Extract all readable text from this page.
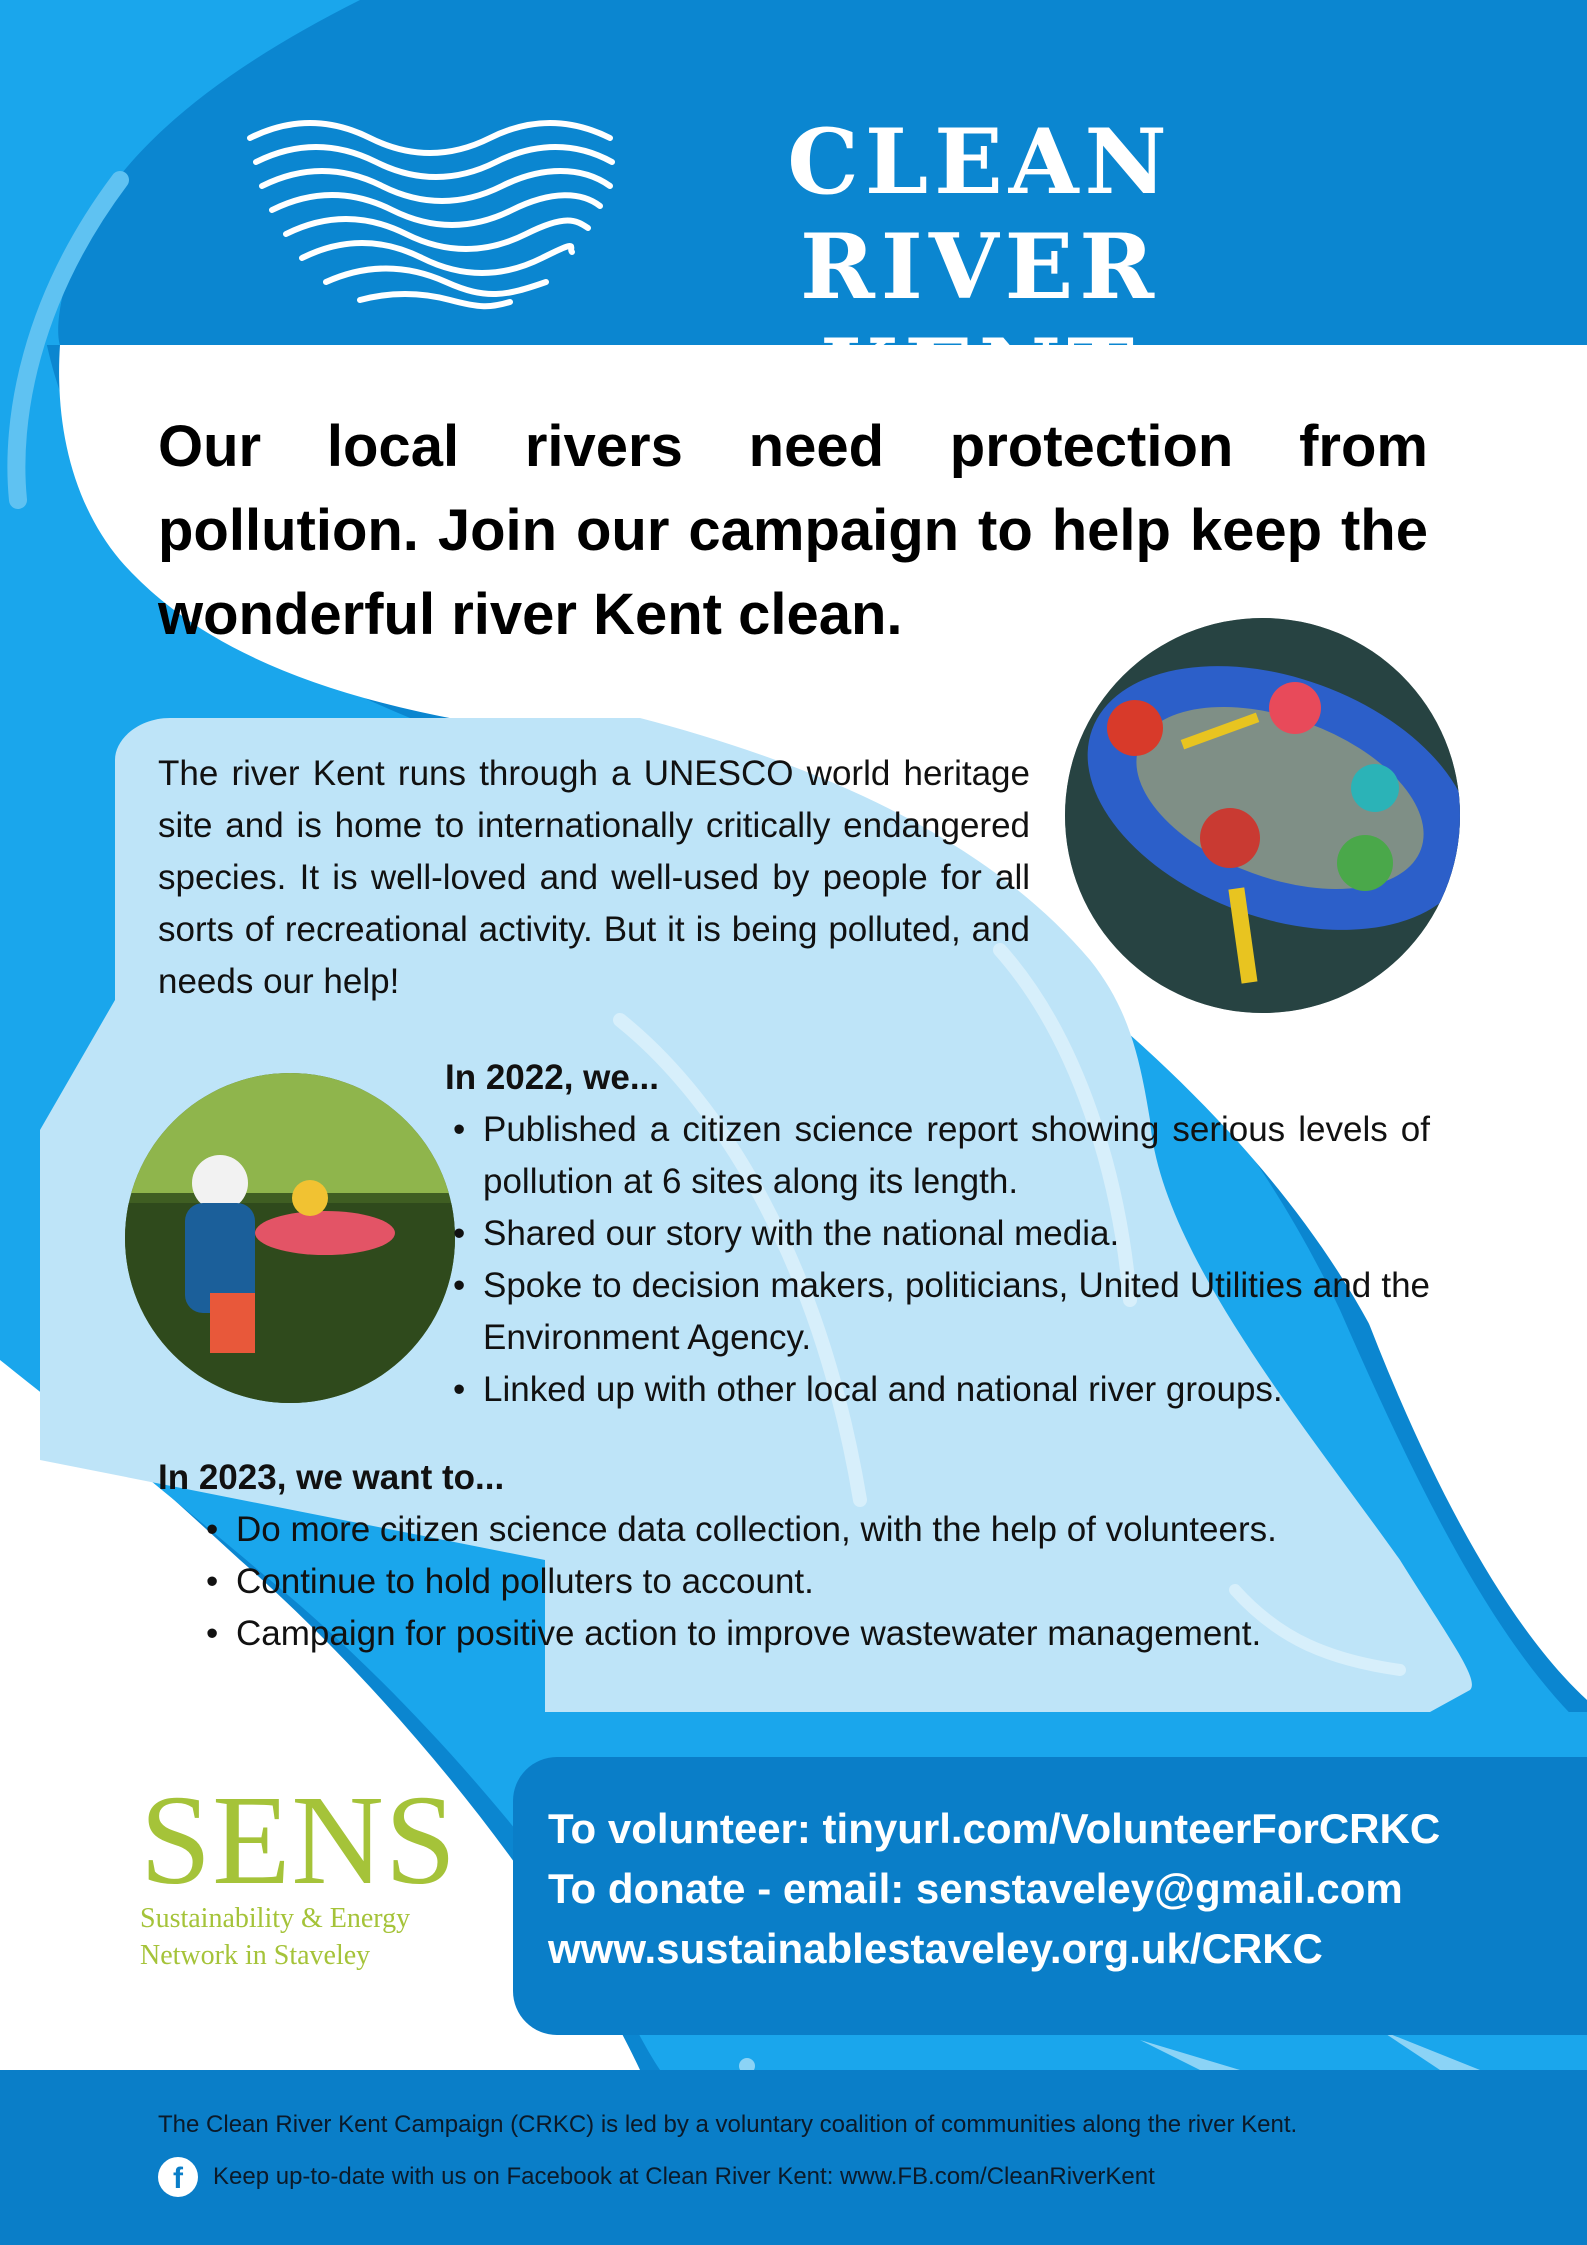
CLEAN RIVER
KENT
Our local rivers need protection from pollution. Join our campaign to help keep the wonderful river Kent clean.
The river Kent runs through a UNESCO world heritage site and is home to internationally critically endangered species. It is well-loved and well-used by people for all sorts of recreational activity. But it is being polluted, and needs our help!
In 2022, we...
• Published a citizen science report showing serious levels of pollution at 6 sites along its length.
• Shared our story with the national media.
• Spoke to decision makers, politicians, United Utilities and the Environment Agency.
• Linked up with other local and national river groups.
In 2023, we want to...
• Do more citizen science data collection, with the help of volunteers.
• Continue to hold polluters to account.
• Campaign for positive action to improve wastewater management.
SENS
Sustainability & Energy
Network in Staveley
To volunteer: tinyurl.com/VolunteerForCRKC
To donate - email: senstaveley@gmail.com
www.sustainablestaveley.org.uk/CRKC
The Clean River Kent Campaign (CRKC) is led by a voluntary coalition of communities along the river Kent.
f	Keep up-to-date with us on Facebook at Clean River Kent: www.FB.com/CleanRiverKent
